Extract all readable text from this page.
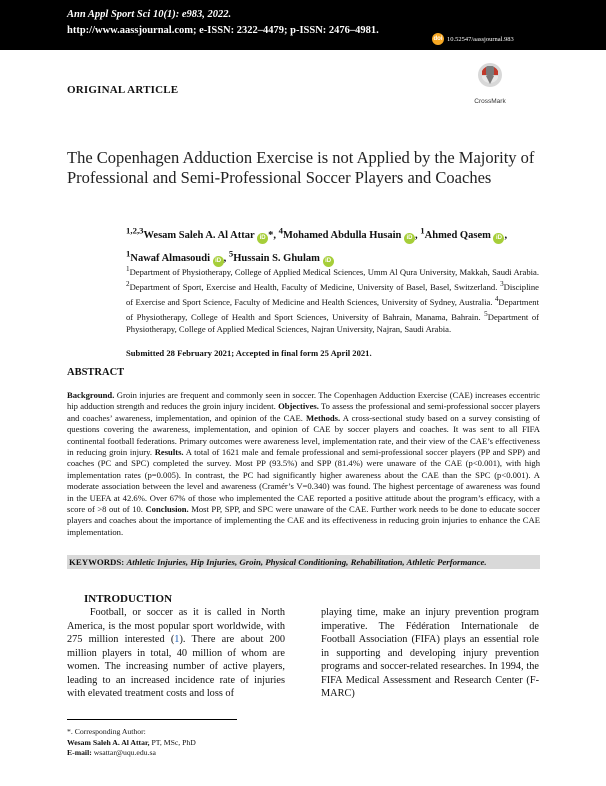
Ann Appl Sport Sci 10(1): e983, 2022.
http://www.aassjournal.com; e-ISSN: 2322–4479; p-ISSN: 2476–4981.
doi 10.52547/aassjournal.983
ORIGINAL ARTICLE
CrossMark
The Copenhagen Adduction Exercise is not Applied by the Majority of Professional and Semi-Professional Soccer Players and Coaches
$^{1,2,3}$Wesam Saleh A. Al Attar iD *, $^4$Mohamed Abdulla Husain iD , $^1$Ahmed Qasem iD ,
$^1$Nawaf Almasoudi iD , $^5$Hussain S. Ghulam iD
$^1$Department of Physiotherapy, College of Applied Medical Sciences, Umm Al Qura University, Makkah, Saudi Arabia. $^2$Department of Sport, Exercise and Health, Faculty of Medicine, University of Basel, Basel, Switzerland. $^3$Discipline of Exercise and Sport Science, Faculty of Medicine and Health Sciences, University of Sydney, Australia. $^4$Department of Physiotherapy, College of Health and Sport Sciences, University of Bahrain, Manama, Bahrain. $^5$Department of Physiotherapy, College of Applied Medical Sciences, Najran University, Najran, Saudi Arabia.
Submitted 28 February 2021; Accepted in final form 25 April 2021.
ABSTRACT
Background. Groin injuries are frequent and commonly seen in soccer. The Copenhagen Adduction Exercise (CAE) increases eccentric hip adduction strength and reduces the groin injury incident. Objectives. To assess the professional and semi-professional soccer players and coaches’ awareness, implementation, and opinion of the CAE. Methods. A cross-sectional study based on a survey consisting of questions covering the awareness, implementation, and opinion of CAE by soccer players and coaches. It was sent to all FIFA continental football federations. Primary outcomes were awareness level, implementation rate, and their view of the CAE’s effectiveness in reducing groin injury. Results. A total of 1621 male and female professional and semi-professional soccer players (PP and SPP) and coaches (PC and SPC) completed the survey. Most PP (93.5%) and SPP (81.4%) were unaware of the CAE (p<0.001), with high implementation rates (p=0.005). In contrast, the PC had significantly higher awareness about the CAE than the SPC (p<0.001). A moderate association between the level and awareness (Cramér’s V=0.340) was found. The highest percentage of awareness was found in the UEFA at 42.6%. Over 67% of those who implemented the CAE reported a positive attitude about the program’s efficacy, with a score of >8 out of 10. Conclusion. Most PP, SPP, and SPC were unaware of the CAE. Further work needs to be done to educate soccer players and coaches about the importance of implementing the CAE and its effectiveness in reducing groin injuries to enhance the CAE implementation.
KEYWORDS: Athletic Injuries, Hip Injuries, Groin, Physical Conditioning, Rehabilitation, Athletic Performance.
INTRODUCTION
Football, or soccer as it is called in North America, is the most popular sport worldwide, with 275 million interested (1). There are about 200 million players in total, 40 million of whom are women. The increasing number of active players, leading to an increased incidence rate of injuries with elevated treatment costs and loss of
playing time, make an injury prevention program imperative. The Fédération Internationale de Football Association (FIFA) plays an essential role in supporting and developing injury prevention programs and soccer-related researches. In 1994, the FIFA Medical Assessment and Research Center (F-MARC)
*. Corresponding Author:
Wesam Saleh A. Al Attar, PT, MSc, PhD
E-mail: wsattar@uqu.edu.sa
